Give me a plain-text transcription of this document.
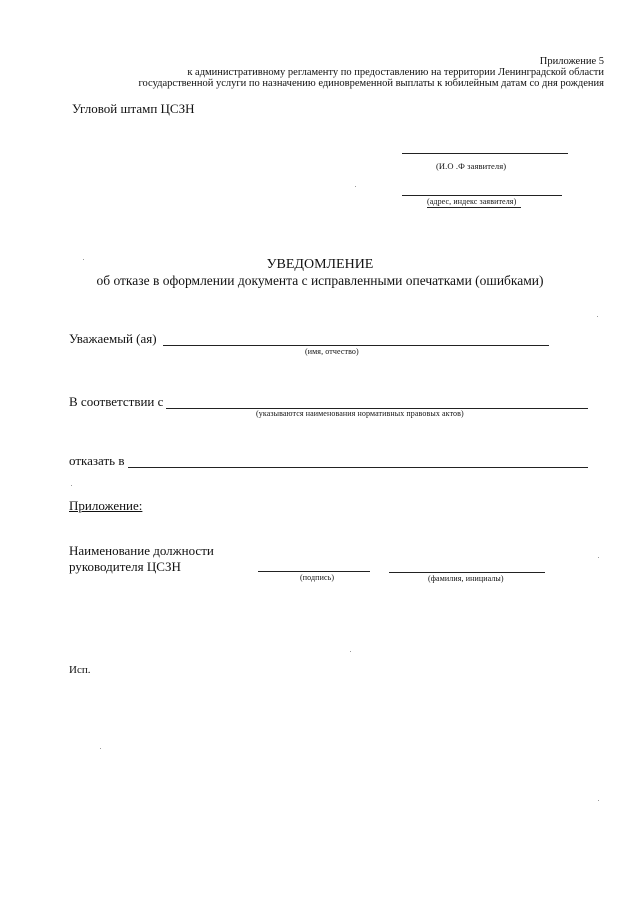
Приложение 5
к административному регламенту по предоставлению на территории Ленинградской области
государственной услуги по назначению единовременной выплаты к юбилейным датам со дня рождения
Угловой штамп ЦСЗН
(И.О .Ф заявителя)
(адрес, индекс заявителя)
УВЕДОМЛЕНИЕ
об отказе в оформлении документа с исправленными опечатками (ошибками)
Уважаемый (ая)
(имя, отчество)
В соответствии с
(указываются наименования нормативных правовых актов)
отказать в
Приложение:
Наименование должности
руководителя ЦСЗН
(подпись)	(фамилия, инициалы)
Исп.
